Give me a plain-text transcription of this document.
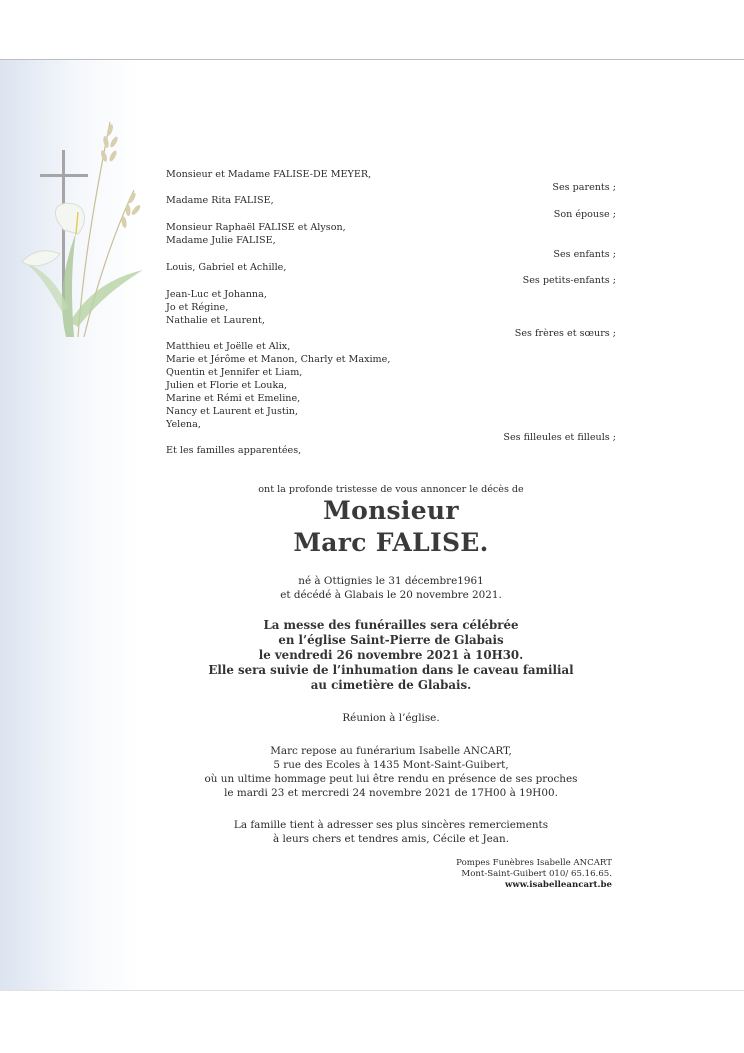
Monsieur et Madame FALISE-DE MEYER,
Ses parents ;
Madame Rita FALISE,
Son épouse ;
Monsieur Raphaël FALISE et Alyson,
Madame Julie FALISE,
Ses enfants ;
Louis, Gabriel et Achille,
Ses petits-enfants ;
Jean-Luc et Johanna,
Jo et Régine,
Nathalie et Laurent,
Ses frères et sœurs ;
Matthieu et Joëlle et Alix,
Marie et Jérôme et Manon, Charly et Maxime,
Quentin et Jennifer et Liam,
Julien et Florie et Louka,
Marine et Rémi et Emeline,
Nancy et Laurent et Justin,
Yelena,
Ses filleules et filleuls ;
Et les familles apparentées,
ont la profonde tristesse de vous annoncer le décès de
Monsieur
Marc FALISE.
né à Ottignies le 31 décembre1961
et décédé à Glabais le 20 novembre 2021.
La messe des funérailles sera célébrée
en l’église Saint-Pierre de Glabais
le vendredi 26 novembre 2021 à 10H30.
Elle sera suivie de l’inhumation dans le caveau familial
au cimetière de Glabais.
Réunion à l’église.
Marc repose au funérarium Isabelle ANCART,
5 rue des Ecoles à 1435 Mont-Saint-Guibert,
où un ultime hommage peut lui être rendu en présence de ses proches
le mardi 23 et mercredi 24 novembre 2021 de 17H00 à 19H00.
La famille tient à adresser ses plus sincères remerciements
à leurs chers et tendres amis, Cécile et Jean.
Pompes Funèbres Isabelle ANCART
Mont-Saint-Guibert 010/ 65.16.65.
www.isabelleancart.be
